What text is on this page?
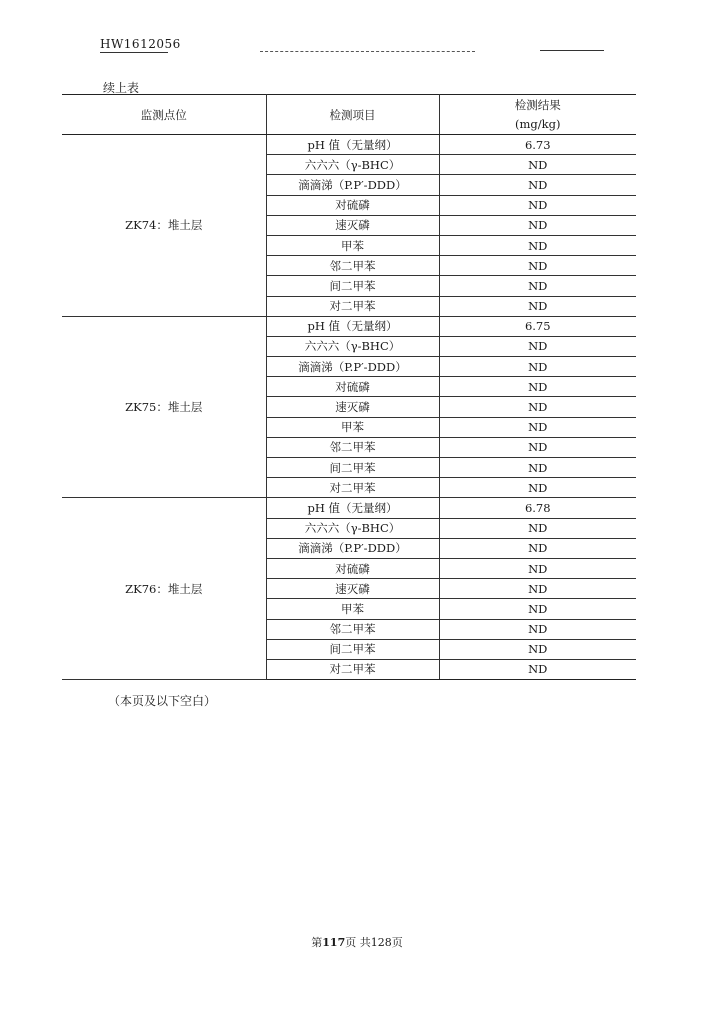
HW1612056
续上表
监测点位	检测项目	检测结果
(mg/kg)

ZK74：堆土层	pH 值（无量纲）	6.73
	六六六（γ-BHC）	ND
	滴滴涕（P.P′-DDD）	ND
	对硫磷	ND
	速灭磷	ND
	甲苯	ND
	邻二甲苯	ND
	间二甲苯	ND
	对二甲苯	ND
ZK75：堆土层	pH 值（无量纲）	6.75
	六六六（γ-BHC）	ND
	滴滴涕（P.P′-DDD）	ND
	对硫磷	ND
	速灭磷	ND
	甲苯	ND
	邻二甲苯	ND
	间二甲苯	ND
	对二甲苯	ND
ZK76：堆土层	pH 值（无量纲）	6.78
	六六六（γ-BHC）	ND
	滴滴涕（P.P′-DDD）	ND
	对硫磷	ND
	速灭磷	ND
	甲苯	ND
	邻二甲苯	ND
	间二甲苯	ND
	对二甲苯	ND
（本页及以下空白）
第117页 共128页
